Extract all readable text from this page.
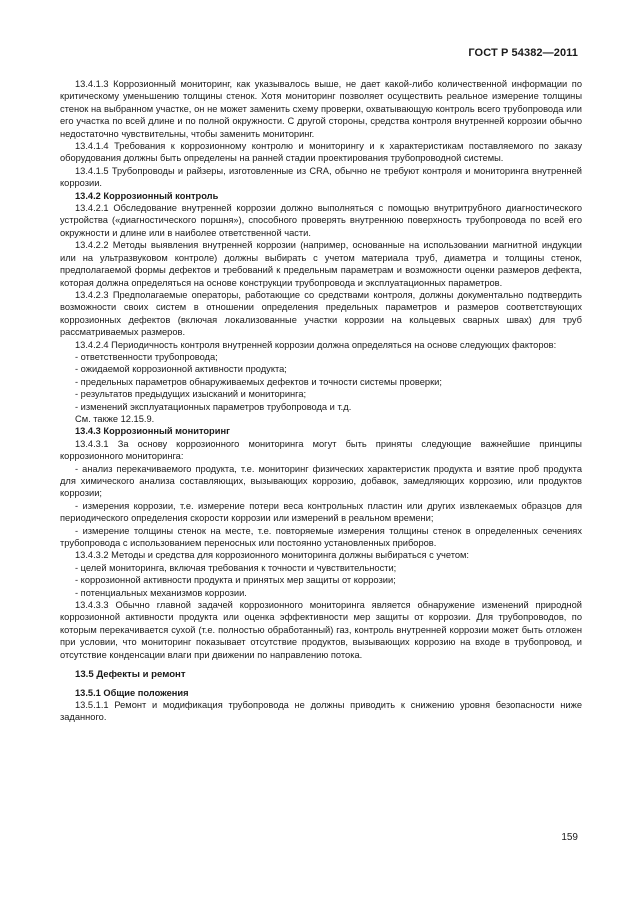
ГОСТ Р 54382—2011

13.4.1.3 Коррозионный мониторинг, как указывалось выше, не дает какой-либо количественной информации по критическому уменьшению толщины стенок. Хотя мониторинг позволяет осуществить реальное измерение толщины стенок на выбранном участке, он не может заменить схему проверки, охватывающую контроль всего трубопровода или его участка по всей длине и по полной окружности. С другой стороны, средства контроля внутренней коррозии обычно недостаточно чувствительны, чтобы заменить мониторинг.

13.4.1.4 Требования к коррозионному контролю и мониторингу и к характеристикам поставляемого по заказу оборудования должны быть определены на ранней стадии проектирования трубопроводной системы.

13.4.1.5 Трубопроводы и райзеры, изготовленные из CRA, обычно не требуют контроля и мониторинга внутренней коррозии.

13.4.2 Коррозионный контроль

13.4.2.1 Обследование внутренней коррозии должно выполняться с помощью внутритрубного диагностического устройства («диагностического поршня»), способного проверять внутреннюю поверхность трубопровода по всей его окружности и длине или в наиболее ответственной части.

13.4.2.2 Методы выявления внутренней коррозии (например, основанные на использовании магнитной индукции или на ультразвуковом контроле) должны выбирать с учетом материала труб, диаметра и толщины стенок, предполагаемой формы дефектов и требований к предельным параметрам и возможности оценки размеров дефекта, которая должна определяться на основе конструкции трубопровода и эксплуатационных параметров.

13.4.2.3 Предполагаемые операторы, работающие со средствами контроля, должны документально подтвердить возможности своих систем в отношении определения предельных параметров и размеров соответствующих коррозионных дефектов (включая локализованные участки коррозии на кольцевых сварных швах) для труб рассматриваемых размеров.

13.4.2.4 Периодичность контроля внутренней коррозии должна определяться на основе следующих факторов:

- ответственности трубопровода;

- ожидаемой коррозионной активности продукта;

- предельных параметров обнаруживаемых дефектов и точности системы проверки;

- результатов предыдущих изысканий и мониторинга;

- изменений эксплуатационных параметров трубопровода и т.д.

См. также 12.15.9.

13.4.3 Коррозионный мониторинг

13.4.3.1 За основу коррозионного мониторинга могут быть приняты следующие важнейшие принципы коррозионного мониторинга:

- анализ перекачиваемого продукта, т.е. мониторинг физических характеристик продукта и взятие проб продукта для химического анализа составляющих, вызывающих коррозию, добавок, замедляющих коррозию, или продуктов коррозии;

- измерения коррозии, т.е. измерение потери веса контрольных пластин или других извлекаемых образцов для периодического определения скорости коррозии или измерений в реальном времени;

- измерение толщины стенок на месте, т.е. повторяемые измерения толщины стенок в определенных сечениях трубопровода с использованием переносных или постоянно установленных приборов.

13.4.3.2 Методы и средства для коррозионного мониторинга должны выбираться с учетом:

- целей мониторинга, включая требования к точности и чувствительности;

- коррозионной активности продукта и принятых мер защиты от коррозии;

- потенциальных механизмов коррозии.

13.4.3.3 Обычно главной задачей коррозионного мониторинга является обнаружение изменений природной коррозионной активности продукта или оценка эффективности мер защиты от коррозии. Для трубопроводов, по которым перекачивается сухой (т.е. полностью обработанный) газ, контроль внутренней коррозии может быть отложен при условии, что мониторинг показывает отсутствие продуктов, вызывающих коррозию на входе в трубопровод, и отсутствие конденсации влаги при движении по направлению потока.

13.5 Дефекты и ремонт
13.5.1 Общие положения

13.5.1.1 Ремонт и модификация трубопровода не должны приводить к снижению уровня безопасности ниже заданного.

159
